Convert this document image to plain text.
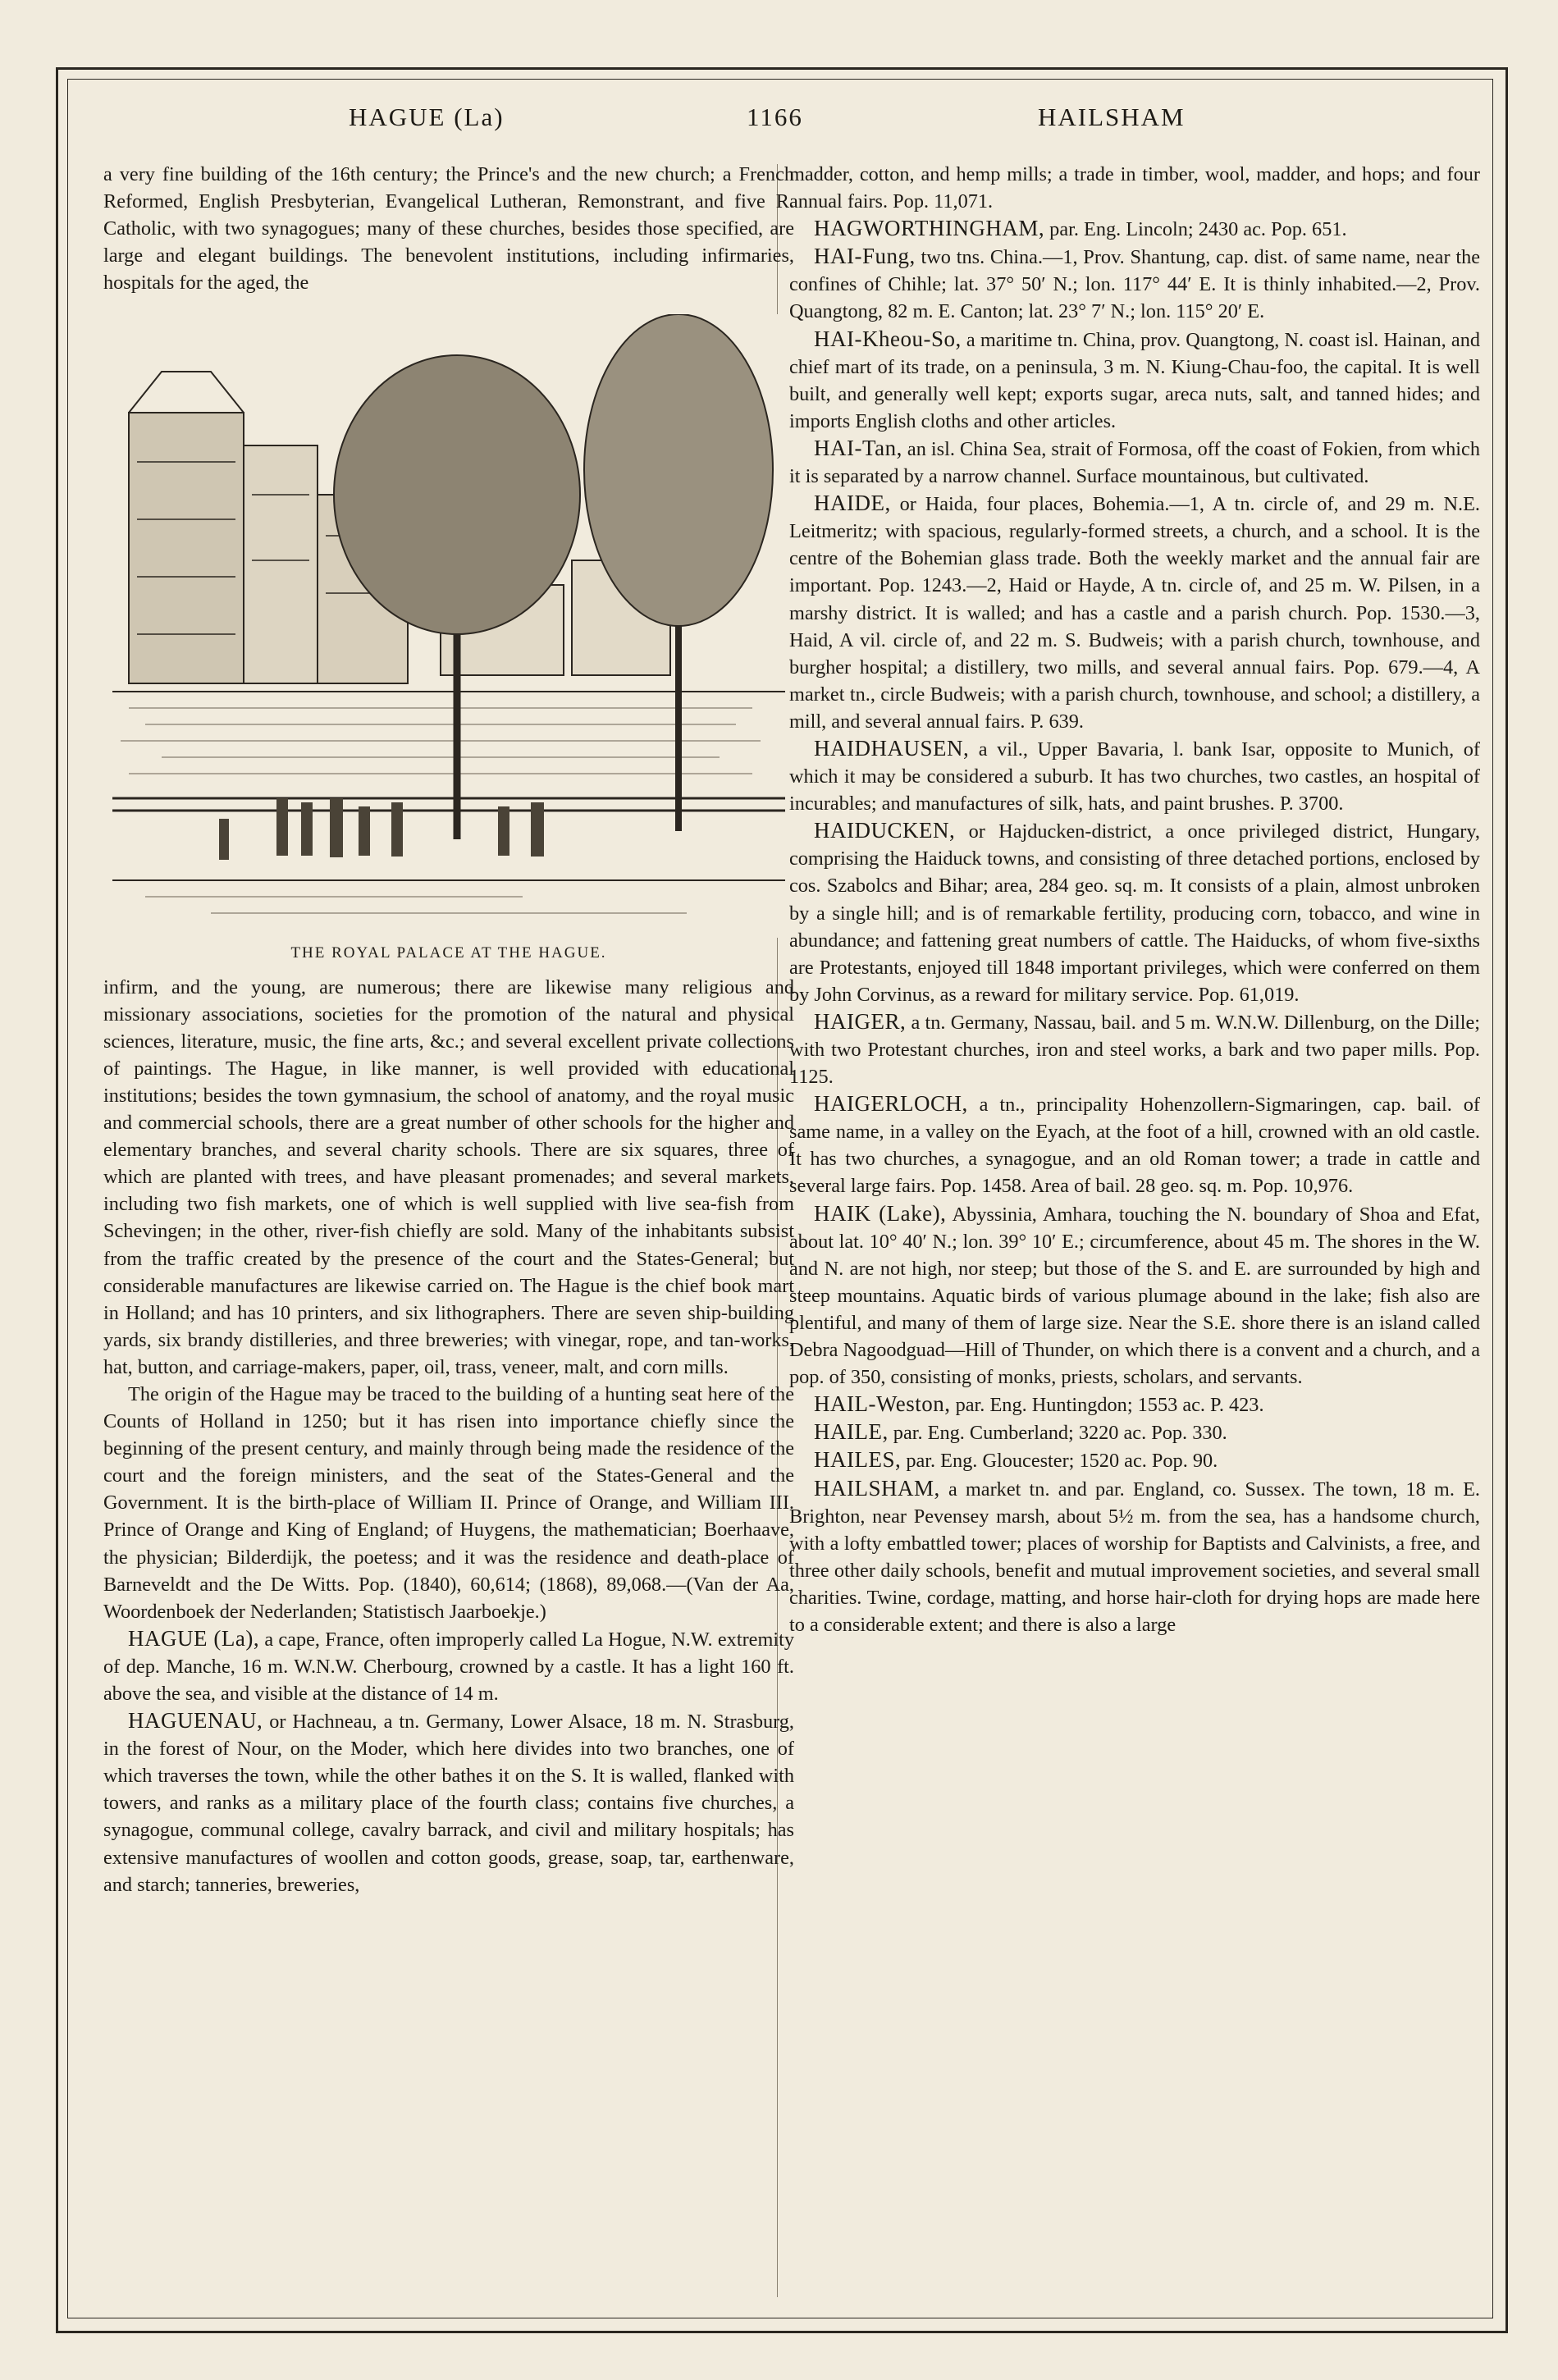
HAGUE (La)	1166	HAILSHAM

a very fine building of the 16th century; the Prince's and the new church; a French Reformed, English Presbyterian, Evangelical Lutheran, Remonstrant, and five R. Catholic, with two synagogues; many of these churches, besides those specified, are large and elegant buildings. The benevolent institutions, including infirmaries, hospitals for the aged, the

THE ROYAL PALACE AT THE HAGUE.

infirm, and the young, are numerous; there are likewise many religious and missionary associations, societies for the promotion of the natural and physical sciences, literature, music, the fine arts, &c.; and several excellent private collections of paintings. The Hague, in like manner, is well provided with educational institutions; besides the town gymnasium, the school of anatomy, and the royal music and commercial schools, there are a great number of other schools for the higher and elementary branches, and several charity schools. There are six squares, three of which are planted with trees, and have pleasant promenades; and several markets, including two fish markets, one of which is well supplied with live sea-fish from Schevingen; in the other, river-fish chiefly are sold. Many of the inhabitants subsist from the traffic created by the presence of the court and the States-General; but considerable manufactures are likewise carried on. The Hague is the chief book mart in Holland; and has 10 printers, and six lithographers. There are seven ship-building yards, six brandy distilleries, and three breweries; with vinegar, rope, and tan-works, hat, button, and carriage-makers, paper, oil, trass, veneer, malt, and corn mills.

The origin of the Hague may be traced to the building of a hunting seat here of the Counts of Holland in 1250; but it has risen into importance chiefly since the beginning of the present century, and mainly through being made the residence of the court and the foreign ministers, and the seat of the States-General and the Government. It is the birth-place of William II. Prince of Orange, and William III. Prince of Orange and King of England; of Huygens, the mathematician; Boerhaave, the physician; Bilderdijk, the poetess; and it was the residence and death-place of Barneveldt and the De Witts. Pop. (1840), 60,614; (1868), 89,068.—(Van der Aa, Woordenboek der Nederlanden; Statistisch Jaarboekje.)

HAGUE (La), a cape, France, often improperly called La Hogue, N.W. extremity of dep. Manche, 16 m. W.N.W. Cherbourg, crowned by a castle. It has a light 160 ft. above the sea, and visible at the distance of 14 m.

HAGUENAU, or Hachneau, a tn. Germany, Lower Alsace, 18 m. N. Strasburg, in the forest of Nour, on the Moder, which here divides into two branches, one of which traverses the town, while the other bathes it on the S. It is walled, flanked with towers, and ranks as a military place of the fourth class; contains five churches, a synagogue, communal college, cavalry barrack, and civil and military hospitals; has extensive manufactures of woollen and cotton goods, grease, soap, tar, earthenware, and starch; tanneries, breweries,

madder, cotton, and hemp mills; a trade in timber, wool, madder, and hops; and four annual fairs. Pop. 11,071.

HAGWORTHINGHAM, par. Eng. Lincoln; 2430 ac. Pop. 651.

HAI-Fung, two tns. China.—1, Prov. Shantung, cap. dist. of same name, near the confines of Chihle; lat. 37° 50′ N.; lon. 117° 44′ E. It is thinly inhabited.—2, Prov. Quangtong, 82 m. E. Canton; lat. 23° 7′ N.; lon. 115° 20′ E.

HAI-Kheou-So, a maritime tn. China, prov. Quangtong, N. coast isl. Hainan, and chief mart of its trade, on a peninsula, 3 m. N. Kiung-Chau-foo, the capital. It is well built, and generally well kept; exports sugar, areca nuts, salt, and tanned hides; and imports English cloths and other articles.

HAI-Tan, an isl. China Sea, strait of Formosa, off the coast of Fokien, from which it is separated by a narrow channel. Surface mountainous, but cultivated.

HAIDE, or Haida, four places, Bohemia.—1, A tn. circle of, and 29 m. N.E. Leitmeritz; with spacious, regularly-formed streets, a church, and a school. It is the centre of the Bohemian glass trade. Both the weekly market and the annual fair are important. Pop. 1243.—2, Haid or Hayde, A tn. circle of, and 25 m. W. Pilsen, in a marshy district. It is walled; and has a castle and a parish church. Pop. 1530.—3, Haid, A vil. circle of, and 22 m. S. Budweis; with a parish church, townhouse, and burgher hospital; a distillery, two mills, and several annual fairs. Pop. 679.—4, A market tn., circle Budweis; with a parish church, townhouse, and school; a distillery, a mill, and several annual fairs. P. 639.

HAIDHAUSEN, a vil., Upper Bavaria, l. bank Isar, opposite to Munich, of which it may be considered a suburb. It has two churches, two castles, an hospital of incurables; and manufactures of silk, hats, and paint brushes. P. 3700.

HAIDUCKEN, or Hajducken-district, a once privileged district, Hungary, comprising the Haiduck towns, and consisting of three detached portions, enclosed by cos. Szabolcs and Bihar; area, 284 geo. sq. m. It consists of a plain, almost unbroken by a single hill; and is of remarkable fertility, producing corn, tobacco, and wine in abundance; and fattening great numbers of cattle. The Haiducks, of whom five-sixths are Protestants, enjoyed till 1848 important privileges, which were conferred on them by John Corvinus, as a reward for military service. Pop. 61,019.

HAIGER, a tn. Germany, Nassau, bail. and 5 m. W.N.W. Dillenburg, on the Dille; with two Protestant churches, iron and steel works, a bark and two paper mills. Pop. 1125.

HAIGERLOCH, a tn., principality Hohenzollern-Sigmaringen, cap. bail. of same name, in a valley on the Eyach, at the foot of a hill, crowned with an old castle. It has two churches, a synagogue, and an old Roman tower; a trade in cattle and several large fairs. Pop. 1458. Area of bail. 28 geo. sq. m. Pop. 10,976.

HAIK (Lake), Abyssinia, Amhara, touching the N. boundary of Shoa and Efat, about lat. 10° 40′ N.; lon. 39° 10′ E.; circumference, about 45 m. The shores in the W. and N. are not high, nor steep; but those of the S. and E. are surrounded by high and steep mountains. Aquatic birds of various plumage abound in the lake; fish also are plentiful, and many of them of large size. Near the S.E. shore there is an island called Debra Nagoodguad—Hill of Thunder, on which there is a convent and a church, and a pop. of 350, consisting of monks, priests, scholars, and servants.

HAIL-Weston, par. Eng. Huntingdon; 1553 ac. P. 423.

HAILE, par. Eng. Cumberland; 3220 ac. Pop. 330.

HAILES, par. Eng. Gloucester; 1520 ac. Pop. 90.

HAILSHAM, a market tn. and par. England, co. Sussex. The town, 18 m. E. Brighton, near Pevensey marsh, about 5½ m. from the sea, has a handsome church, with a lofty embattled tower; places of worship for Baptists and Calvinists, a free, and three other daily schools, benefit and mutual improvement societies, and several small charities. Twine, cordage, matting, and horse hair-cloth for drying hops are made here to a considerable extent; and there is also a large
